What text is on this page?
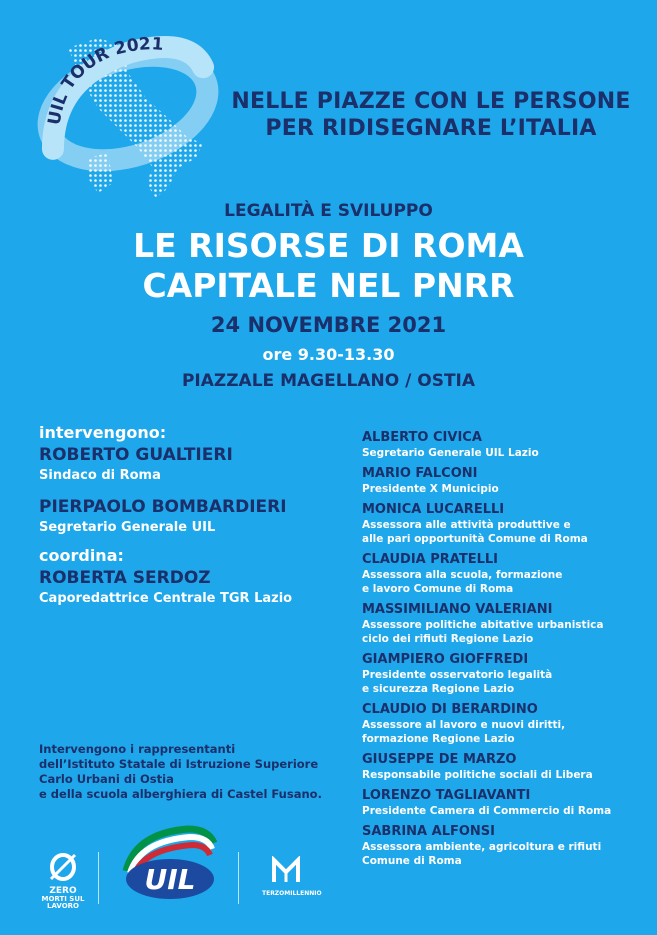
UIL TOUR 2021
NELLE PIAZZE CON LE PERSONE
PER RIDISEGNARE L’ITALIA
LEGALITÀ E SVILUPPO
LE RISORSE DI ROMA
CAPITALE NEL PNRR
24 NOVEMBRE 2021
ore 9.30-13.30
PIAZZALE MAGELLANO / OSTIA
intervengono:
ROBERTO GUALTIERI
Sindaco di Roma
PIERPAOLO BOMBARDIERI
Segretario Generale UIL
coordina:
ROBERTA SERDOZ
Caporedattrice Centrale TGR Lazio
Intervengono i rappresentanti
dell’Istituto Statale di Istruzione Superiore
Carlo Urbani di Ostia
e della scuola alberghiera di Castel Fusano.
ALBERTO CIVICA
Segretario Generale UIL Lazio
MARIO FALCONI
Presidente X Municipio
MONICA LUCARELLI
Assessora alle attività produttive e
alle pari opportunità Comune di Roma
CLAUDIA PRATELLI
Assessora alla scuola, formazione
e lavoro Comune di Roma
MASSIMILIANO VALERIANI
Assessore politiche abitative urbanistica
ciclo dei rifiuti Regione Lazio
GIAMPIERO GIOFFREDI
Presidente osservatorio legalità
e sicurezza Regione Lazio
CLAUDIO DI BERARDINO
Assessore al lavoro e nuovi diritti,
formazione Regione Lazio
GIUSEPPE DE MARZO
Responsabile politiche sociali di Libera
LORENZO TAGLIAVANTI
Presidente Camera di Commercio di Roma
SABRINA ALFONSI
Assessora ambiente, agricoltura e rifiuti
Comune di Roma
ZERO
MORTI SUL
LAVORO
UIL	TERZOMILLENNIO
